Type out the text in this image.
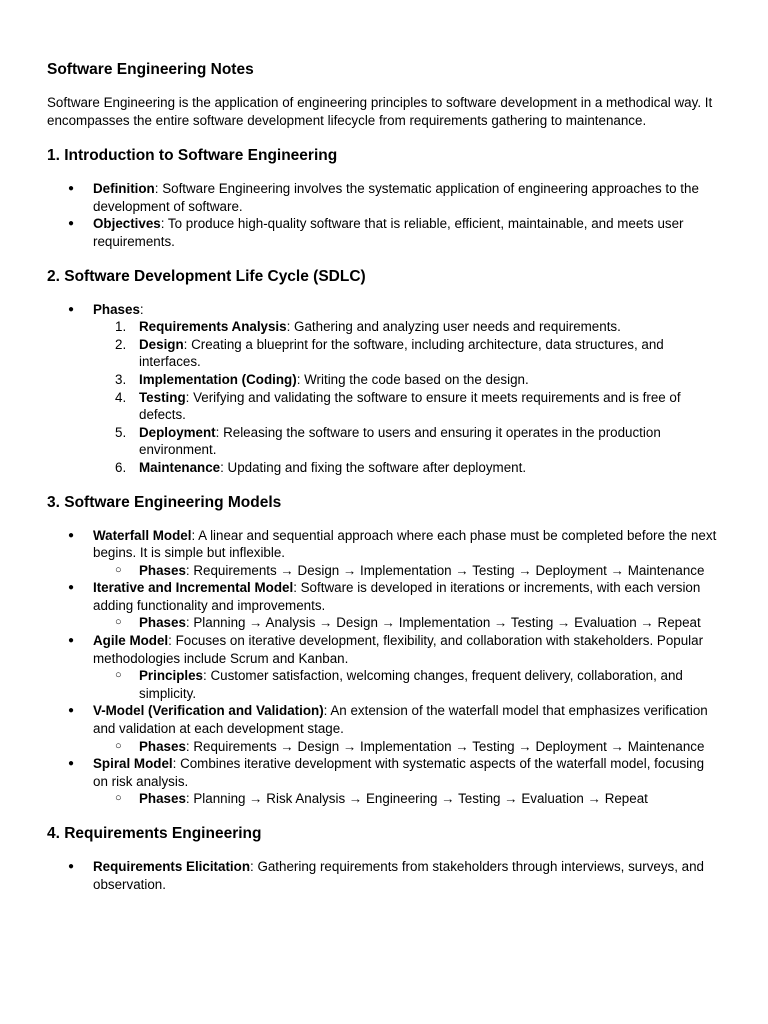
Software Engineering Notes

Software Engineering is the application of engineering principles to software development in a methodical way. It encompasses the entire software development lifecycle from requirements gathering to maintenance.

1. Introduction to Software Engineering
● Definition: Software Engineering involves the systematic application of engineering approaches to the development of software.
● Objectives: To produce high-quality software that is reliable, efficient, maintainable, and meets user requirements.
2. Software Development Life Cycle (SDLC)
● Phases:
1. Requirements Analysis: Gathering and analyzing user needs and requirements.
2. Design: Creating a blueprint for the software, including architecture, data structures, and interfaces.
3. Implementation (Coding): Writing the code based on the design.
4. Testing: Verifying and validating the software to ensure it meets requirements and is free of defects.
5. Deployment: Releasing the software to users and ensuring it operates in the production environment.
6. Maintenance: Updating and fixing the software after deployment.
3. Software Engineering Models
● Waterfall Model: A linear and sequential approach where each phase must be completed before the next begins. It is simple but inflexible.
○ Phases: Requirements → Design → Implementation → Testing → Deployment → Maintenance
● Iterative and Incremental Model: Software is developed in iterations or increments, with each version adding functionality and improvements.
○ Phases: Planning → Analysis → Design → Implementation → Testing → Evaluation → Repeat
● Agile Model: Focuses on iterative development, flexibility, and collaboration with stakeholders. Popular methodologies include Scrum and Kanban.
○ Principles: Customer satisfaction, welcoming changes, frequent delivery, collaboration, and simplicity.
● V-Model (Verification and Validation): An extension of the waterfall model that emphasizes verification and validation at each development stage.
○ Phases: Requirements → Design → Implementation → Testing → Deployment → Maintenance
● Spiral Model: Combines iterative development with systematic aspects of the waterfall model, focusing on risk analysis.
○ Phases: Planning → Risk Analysis → Engineering → Testing → Evaluation → Repeat
4. Requirements Engineering
● Requirements Elicitation: Gathering requirements from stakeholders through interviews, surveys, and observation.
